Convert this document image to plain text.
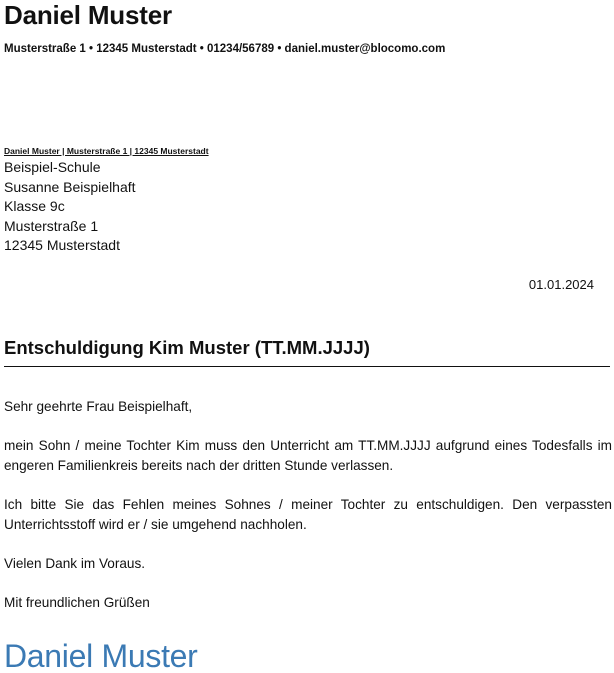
Daniel Muster
Musterstraße 1 • 12345 Musterstadt • 01234/56789 • daniel.muster@blocomo.com
Daniel Muster | Musterstraße 1 | 12345 Musterstadt
Beispiel-Schule
Susanne Beispielhaft
Klasse 9c
Musterstraße 1
12345 Musterstadt
01.01.2024
Entschuldigung Kim Muster (TT.MM.JJJJ)

Sehr geehrte Frau Beispielhaft,

mein Sohn / meine Tochter Kim muss den Unterricht am TT.MM.JJJJ aufgrund eines Todesfalls im engeren Familienkreis bereits nach der dritten Stunde verlassen.

Ich bitte Sie das Fehlen meines Sohnes / meiner Tochter zu entschuldigen. Den verpassten Unterrichtsstoff wird er / sie umgehend nachholen.

Vielen Dank im Voraus.

Mit freundlichen Grüßen

Daniel Muster
